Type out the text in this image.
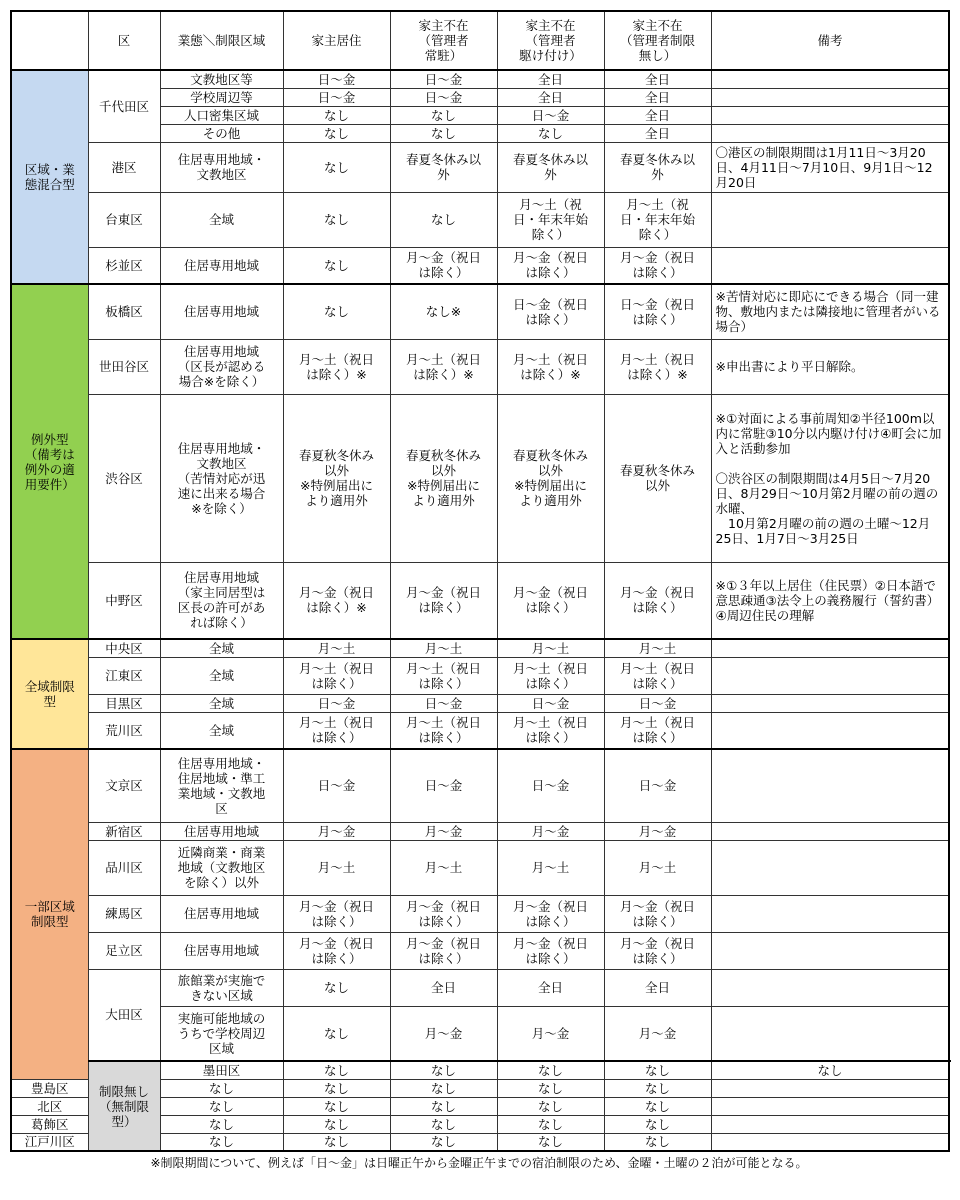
	区	業態＼制限区域	家主居住	家主不在
（管理者
常駐）	家主不在
（管理者
駆け付け）	家主不在
（管理者制限
無し）	備考	
区域・業
態混合型	千代田区	文教地区等	日～金	日～金	全日	全日		
		学校周辺等	日～金	日～金	全日	全日		
		人口密集区域	なし	なし	日～金	全日		
		その他	なし	なし	なし	全日		
	港区	住居専用地域・
文教地区	なし	春夏冬休み以
外	春夏冬休み以
外	春夏冬休み以
外	〇港区の制限期間は1月11日～3月20日、4月11日～7月10日、9月1日～12月20日	
	台東区	全域	なし	なし	月～土（祝
日・年末年始
除く）	月～土（祝
日・年末年始
除く）		
	杉並区	住居専用地域	なし	月～金（祝日
は除く）	月～金（祝日
は除く）	月～金（祝日
は除く）		
例外型
（備考は
例外の適
用要件）	板橋区	住居専用地域	なし	なし※	日～金（祝日
は除く）	日～金（祝日
は除く）	※苦情対応に即応にできる場合（同一建物、敷地内または隣接地に管理者がいる場合）	
	世田谷区	住居専用地域
（区長が認める
場合※を除く）	月～土（祝日
は除く）※	月～土（祝日
は除く）※	月～土（祝日
は除く）※	月～土（祝日
は除く）※	※申出書により平日解除。	
	渋谷区	住居専用地域・
文教地区
（苦情対応が迅
速に出来る場合
※を除く）	春夏秋冬休み
以外
※特例届出に
より適用外	春夏秋冬休み
以外
※特例届出に
より適用外	春夏秋冬休み
以外
※特例届出に
より適用外	春夏秋冬休み
以外	※①対面による事前周知②半径100m以内に常駐③10分以内駆け付け④町会に加入と活動参加

〇渋谷区の制限期間は4月5日～7月20日、8月29日～10月第2月曜の前の週の水曜、
　10月第2月曜の前の週の土曜～12月25日、1月7日～3月25日	
	中野区	住居専用地域
（家主同居型は
区長の許可があ
れば除く）	月～金（祝日
は除く）※	月～金（祝日
は除く）	月～金（祝日
は除く）	月～金（祝日
は除く）	※①３年以上居住（住民票）②日本語で意思疎通③法令上の義務履行（誓約書）④周辺住民の理解	
全域制限
型	中央区	全域	月～土	月～土	月～土	月～土		
	江東区	全域	月～土（祝日
は除く）	月～土（祝日
は除く）	月～土（祝日
は除く）	月～土（祝日
は除く）		
	目黒区	全域	日～金	日～金	日～金	日～金		
	荒川区	全域	月～土（祝日
は除く）	月～土（祝日
は除く）	月～土（祝日
は除く）	月～土（祝日
は除く）		
一部区域
制限型	文京区	住居専用地域・
住居地域・準工
業地域・文教地
区	日～金	日～金	日～金	日～金		
	新宿区	住居専用地域	月～金	月～金	月～金	月～金		
	品川区	近隣商業・商業
地域（文教地区
を除く）以外	月～土	月～土	月～土	月～土		
	練馬区	住居専用地域	月～金（祝日
は除く）	月～金（祝日
は除く）	月～金（祝日
は除く）	月～金（祝日
は除く）		
	足立区	住居専用地域	月～金（祝日
は除く）	月～金（祝日
は除く）	月～金（祝日
は除く）	月～金（祝日
は除く）		
	大田区	旅館業が実施で
きない区域	なし	全日	全日	全日		
		実施可能地域の
うちで学校周辺
区域	なし	月～金	月～金	月～金		
	制限無し
（無制限
型）	墨田区	なし	なし	なし	なし	なし	
豊島区		なし	なし	なし	なし	なし		
北区		なし	なし	なし	なし	なし		
葛飾区		なし	なし	なし	なし	なし		
江戸川区		なし	なし	なし	なし	なし		
※制限期間について、例えば「日～金」は日曜正午から金曜正午までの宿泊制限のため、金曜・土曜の２泊が可能となる。
